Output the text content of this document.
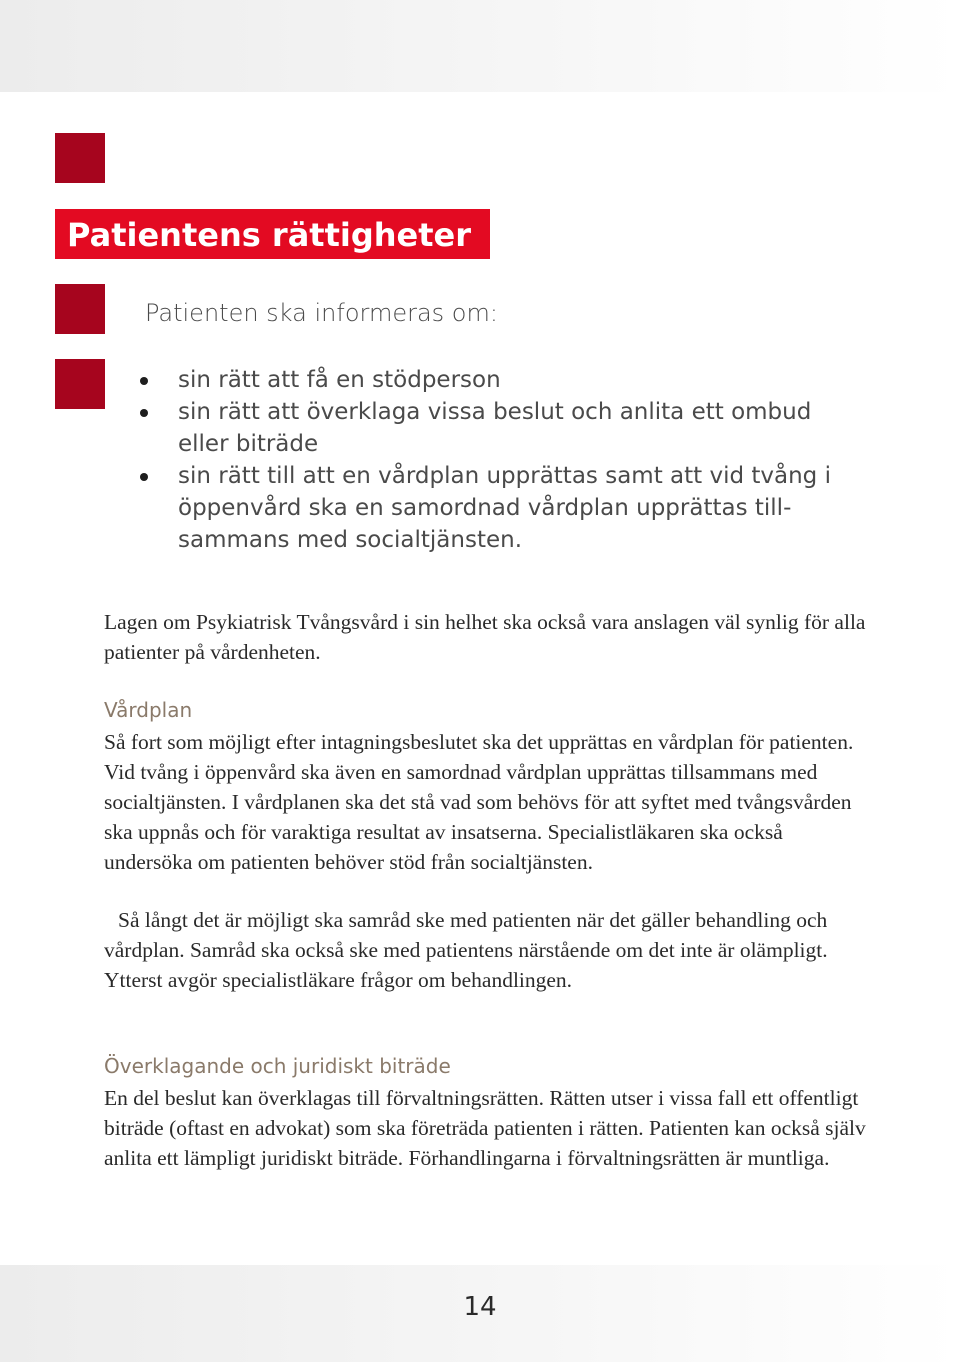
Patientens rättigheter

Patienten ska informeras om:

sin rätt att få en stödperson
sin rätt att överklaga vissa beslut och anlita ett ombud eller biträde
sin rätt till att en vårdplan upprättas samt att vid tvång i öppenvård ska en samordnad vårdplan upprättas tillsammans med socialtjänsten.

Lagen om Psykiatrisk Tvångsvård i sin helhet ska också vara anslagen väl synlig för alla patienter på vårdenheten.

Vårdplan

Så fort som möjligt efter intagningsbeslutet ska det upprättas en vårdplan för patienten. Vid tvång i öppenvård ska även en samordnad vårdplan upprättas tillsammans med socialtjänsten. I vårdplanen ska det stå vad som behövs för att syftet med tvångsvården ska uppnås och för varaktiga resultat av insatserna. Specialistläkaren ska också undersöka om patienten behöver stöd från socialtjänsten.

Så långt det är möjligt ska samråd ske med patienten när det gäller behandling och vårdplan. Samråd ska också ske med patientens närstående om det inte är olämpligt. Ytterst avgör specialistläkare frågor om behandlingen.

Överklagande och juridiskt biträde

En del beslut kan överklagas till förvaltningsrätten. Rätten utser i vissa fall ett offentligt biträde (oftast en advokat) som ska företräda patienten i rätten. Patienten kan också själv anlita ett lämpligt juridiskt biträde. Förhandlingarna i förvaltningsrätten är muntliga.

14
